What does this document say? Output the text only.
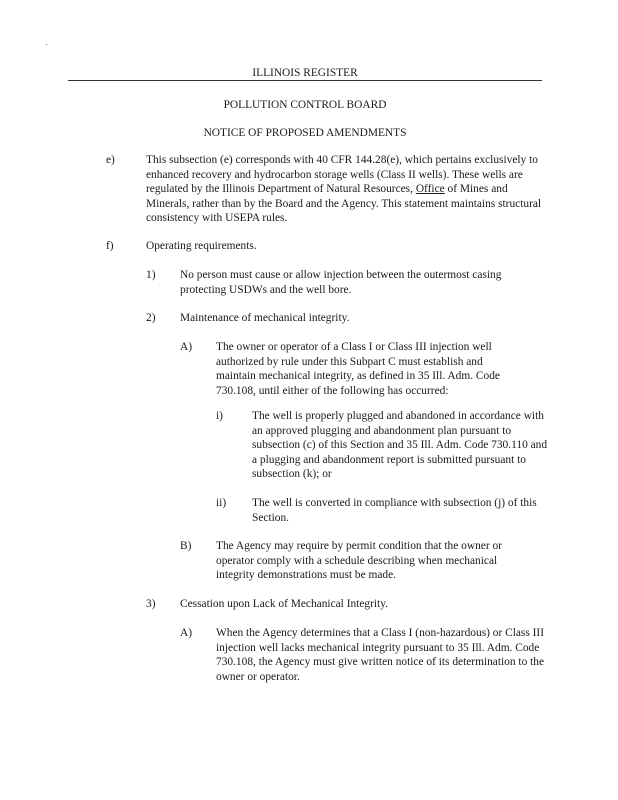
ILLINOIS REGISTER
POLLUTION CONTROL BOARD
NOTICE OF PROPOSED AMENDMENTS
e)	This subsection (e) corresponds with 40 CFR 144.28(e), which pertains exclusively to enhanced recovery and hydrocarbon storage wells (Class II wells). These wells are regulated by the Illinois Department of Natural Resources, Office of Mines and Minerals, rather than by the Board and the Agency. This statement maintains structural consistency with USEPA rules.
f)	Operating requirements.
1) No person must cause or allow injection between the outermost casing protecting USDWs and the well bore.
2) Maintenance of mechanical integrity.
A) The owner or operator of a Class I or Class III injection well authorized by rule under this Subpart C must establish and maintain mechanical integrity, as defined in 35 Ill. Adm. Code 730.108, until either of the following has occurred:
i)	The well is properly plugged and abandoned in accordance with an approved plugging and abandonment plan pursuant to subsection (c) of this Section and 35 Ill. Adm. Code 730.110 and a plugging and abandonment report is submitted pursuant to subsection (k); or
ii) The well is converted in compliance with subsection (j) of this Section.
B) The Agency may require by permit condition that the owner or operator comply with a schedule describing when mechanical integrity demonstrations must be made.
3) Cessation upon Lack of Mechanical Integrity.
A) When the Agency determines that a Class I (non-hazardous) or Class III injection well lacks mechanical integrity pursuant to 35 Ill. Adm. Code 730.108, the Agency must give written notice of its determination to the owner or operator.
